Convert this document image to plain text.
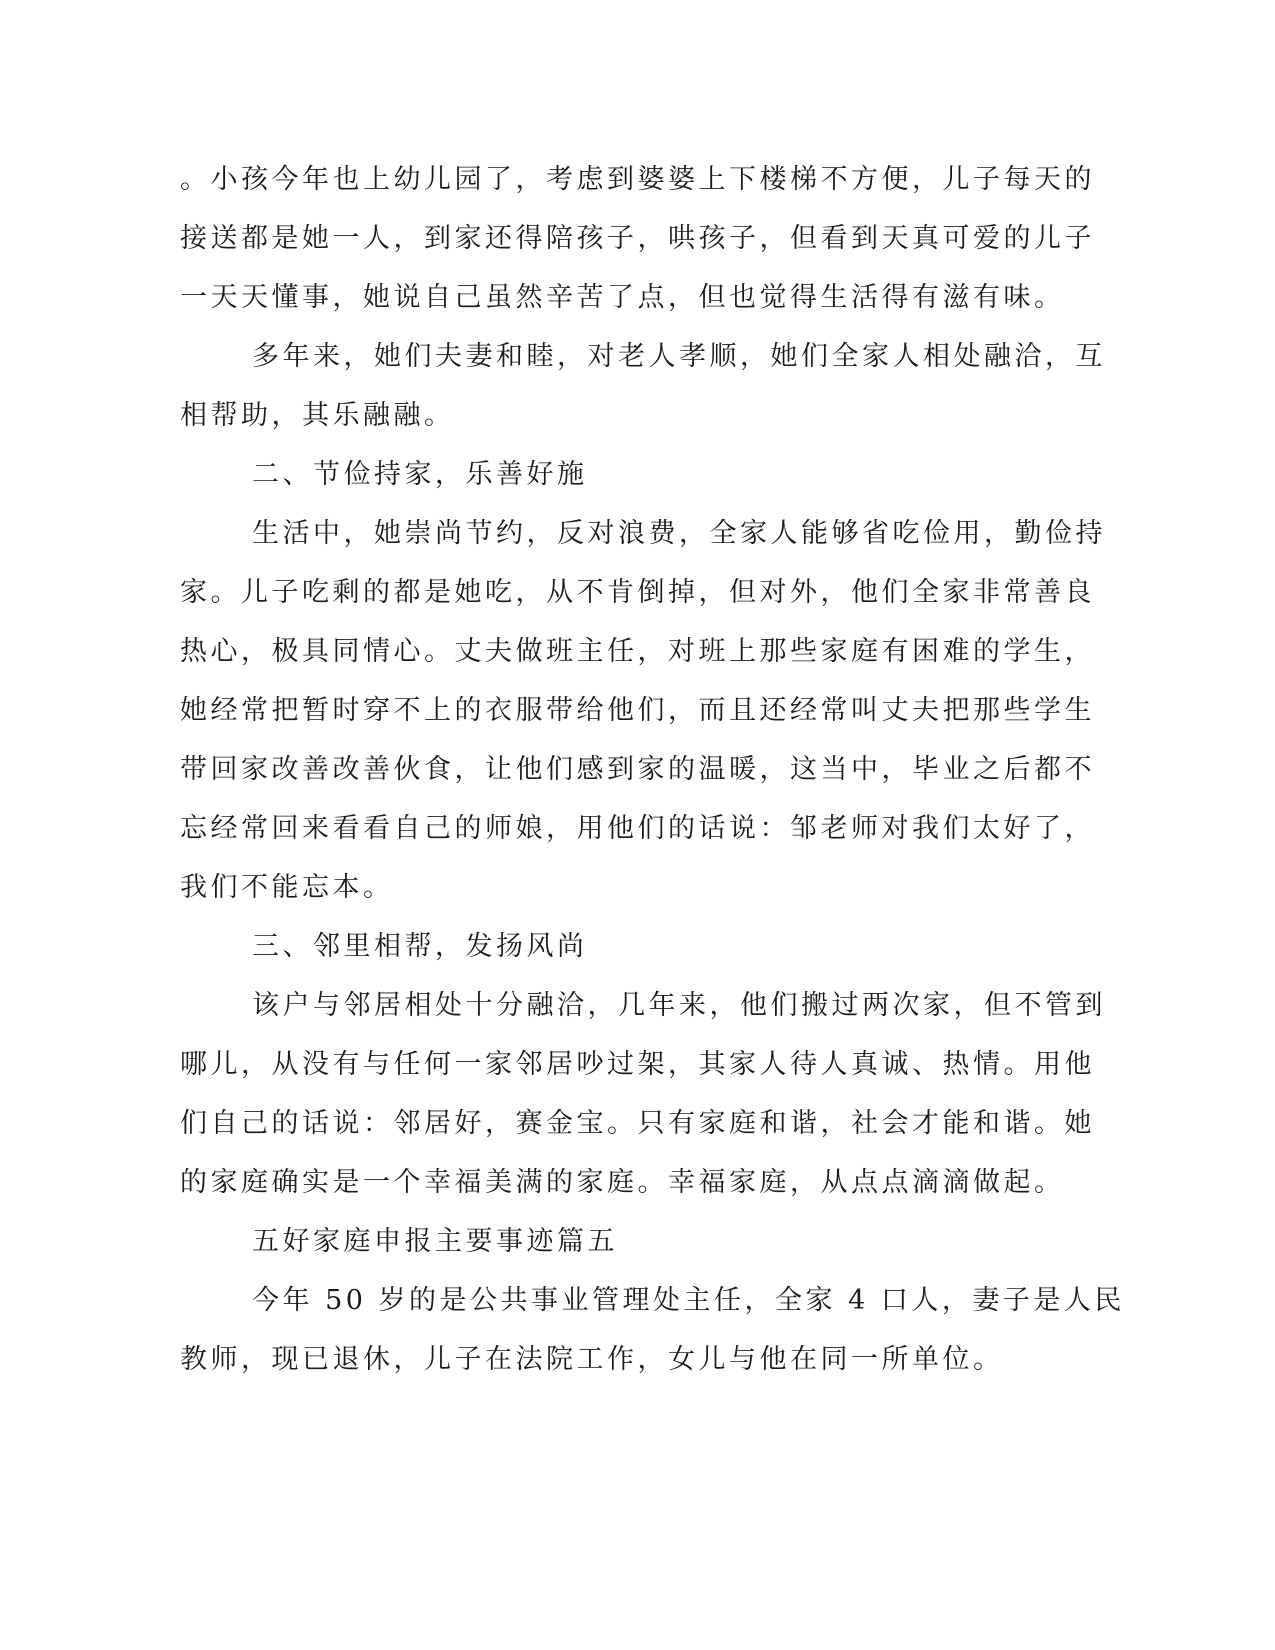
。小孩今年也上幼儿园了，考虑到婆婆上下楼梯不方便，儿子每天的
接送都是她一人，到家还得陪孩子，哄孩子，但看到天真可爱的儿子
一天天懂事，她说自己虽然辛苦了点，但也觉得生活得有滋有味。
多年来，她们夫妻和睦，对老人孝顺，她们全家人相处融洽，互
相帮助，其乐融融。
二、节俭持家，乐善好施
生活中，她崇尚节约，反对浪费，全家人能够省吃俭用，勤俭持
家。儿子吃剩的都是她吃，从不肯倒掉，但对外，他们全家非常善良
热心，极具同情心。丈夫做班主任，对班上那些家庭有困难的学生，
她经常把暂时穿不上的衣服带给他们，而且还经常叫丈夫把那些学生
带回家改善改善伙食，让他们感到家的温暖，这当中，毕业之后都不
忘经常回来看看自己的师娘，用他们的话说：邹老师对我们太好了，
我们不能忘本。
三、邻里相帮，发扬风尚
该户与邻居相处十分融洽，几年来，他们搬过两次家，但不管到
哪儿，从没有与任何一家邻居吵过架，其家人待人真诚、热情。用他
们自己的话说：邻居好，赛金宝。只有家庭和谐，社会才能和谐。她
的家庭确实是一个幸福美满的家庭。幸福家庭，从点点滴滴做起。
五好家庭申报主要事迹篇五
今年 50 岁的是公共事业管理处主任，全家 4 口人，妻子是人民
教师，现已退休，儿子在法院工作，女儿与他在同一所单位。
